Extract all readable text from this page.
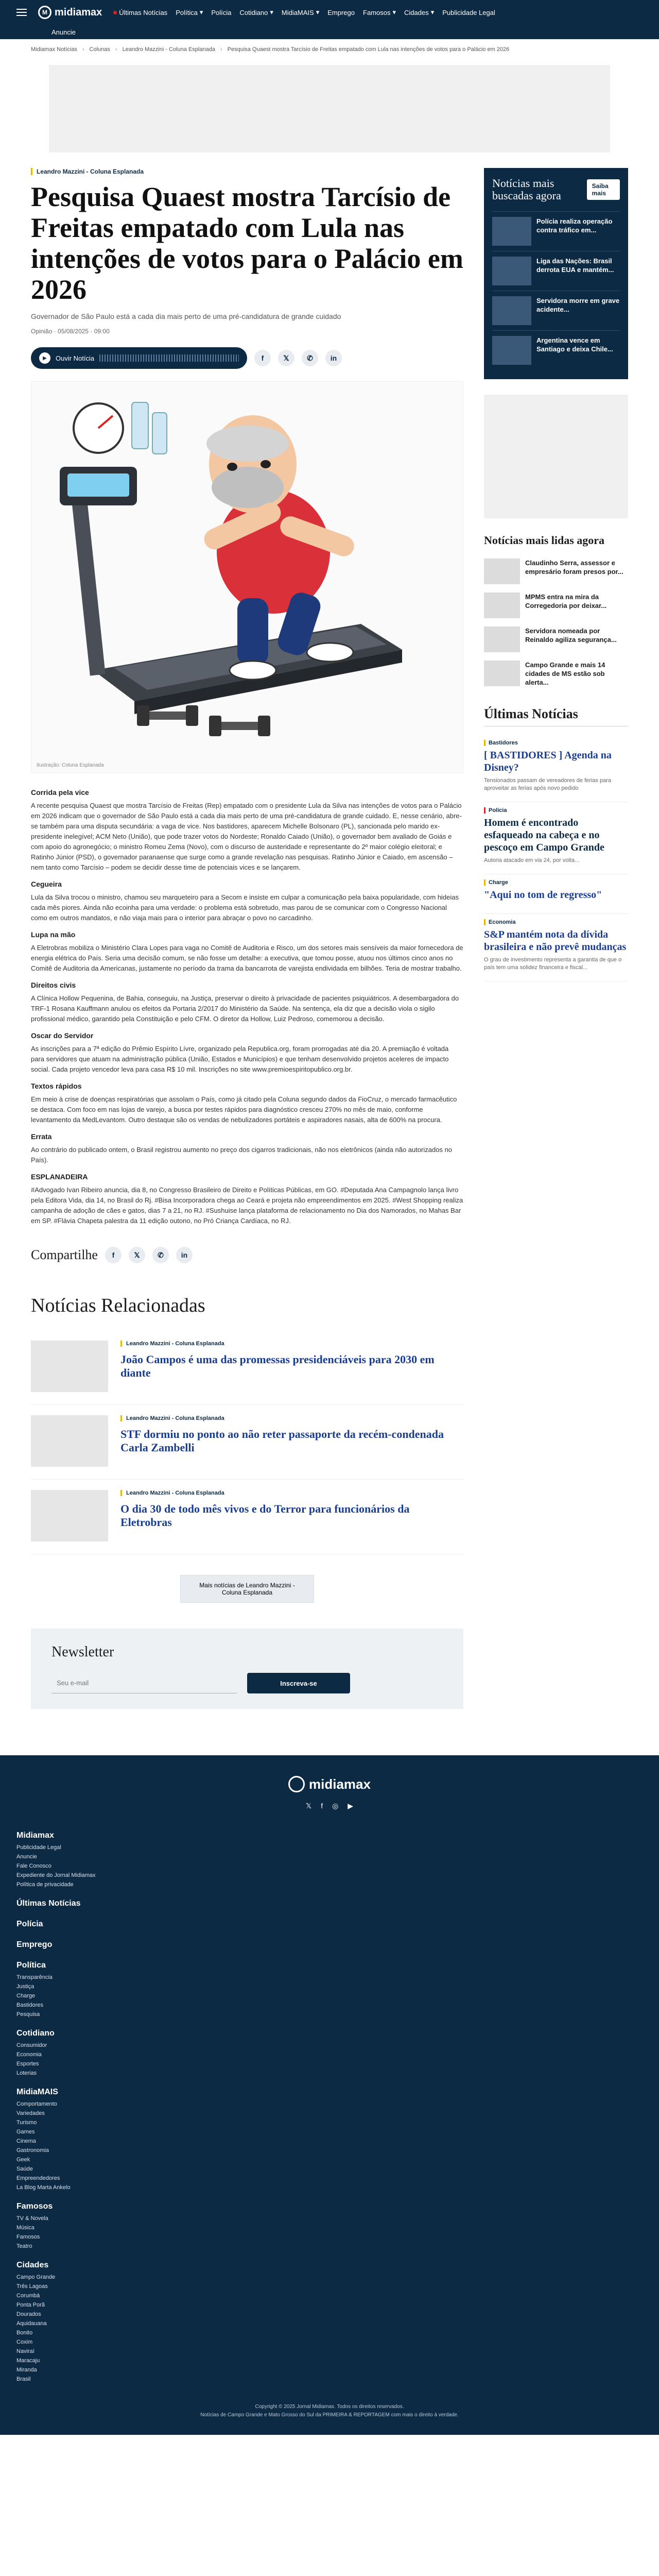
M midiamax	Últimas Notícias Política ▾ Polícia Cotidiano ▾ MidiaMAIS ▾ Emprego Famosos ▾ Cidades ▾ Publicidade Legal
Anuncie
Midiamax Notícias › Colunas › Leandro Mazzini - Coluna Esplanada › Pesquisa Quaest mostra Tarcísio de Freitas empatado com Lula nas intenções de votos para o Palácio em 2026
Leandro Mazzini - Coluna Esplanada
Pesquisa Quaest mostra Tarcísio de Freitas empatado com Lula nas intenções de votos para o Palácio em 2026

Governador de São Paulo está a cada dia mais perto de uma pré-candidatura de grande cuidado

Opinião · 05/08/2025 · 09:00

▶	Ouvir Notícia	f	𝕏	✆	in
Ilustração: Coluna Esplanada
Corrida pela vice

A recente pesquisa Quaest que mostra Tarcísio de Freitas (Rep) empatado com o presidente Lula da Silva nas intenções de votos para o Palácio em 2026 indicam que o governador de São Paulo está a cada dia mais perto de uma pré-candidatura de grande cuidado. E, nesse cenário, abre-se também para uma disputa secundária: a vaga de vice. Nos bastidores, aparecem Michelle Bolsonaro (PL), sancionada pelo marido ex-presidente inelegível; ACM Neto (União), que pode trazer votos do Nordeste; Ronaldo Caiado (União), o governador bem avaliado de Goiás e com apoio do agronegócio; o ministro Romeu Zema (Novo), com o discurso de austeridade e representante do 2º maior colégio eleitoral; e Ratinho Júnior (PSD), o governador paranaense que surge como a grande revelação nas pesquisas. Ratinho Júnior e Caiado, em ascensão – nem tanto como Tarcísio – podem se decidir desse time de potenciais vices e se lançarem.

Cegueira

Lula da Silva trocou o ministro, chamou seu marqueteiro para a Secom e insiste em culpar a comunicação pela baixa popularidade, com hideias cada mês piores. Ainda não ecoinha para uma verdade: o problema está sobretudo, mas parou de se comunicar com o Congresso Nacional como em outros mandatos, e não viaja mais para o interior para abraçar o povo no carcadinho.

Lupa na mão

A Eletrobras mobiliza o Ministério Clara Lopes para vaga no Comitê de Auditoria e Risco, um dos setores mais sensíveis da maior fornecedora de energia elétrica do País. Seria uma decisão comum, se não fosse um detalhe: a executiva, que tomou posse, atuou nos últimos cinco anos no Comitê de Auditoria da Americanas, justamente no período da trama da bancarrota de varejista endividada em bilhões. Teria de mostrar trabalho.

Direitos civis

A Clínica Hollow Pequenina, de Bahia, conseguiu, na Justiça, preservar o direito à privacidade de pacientes psiquiátricos. A desembargadora do TRF-1 Rosana Kauffmann anulou os efeitos da Portaria 2/2017 do Ministério da Saúde. Na sentença, ela diz que a decisão viola o sigilo profissional médico, garantido pela Constituição e pelo CFM. O diretor da Hollow, Luiz Pedroso, comemorou a decisão.

Oscar do Servidor

As inscrições para a 7ª edição do Prêmio Espírito Lívre, organizado pela Republica.org, foram prorrogadas até dia 20. A premiação é voltada para servidores que atuam na administração pública (União, Estados e Municípios) e que tenham desenvolvido projetos aceleres de impacto social. Cada projeto vencedor leva para casa R$ 10 mil. Inscrições no site www.premioespiritopublico.org.br.

Textos rápidos

Em meio à crise de doenças respiratórias que assolam o País, como já citado pela Coluna segundo dados da FioCruz, o mercado farmacêutico se destaca. Com foco em nas lojas de varejo, a busca por testes rápidos para diagnóstico cresceu 270% no mês de maio, conforme levantamento da MedLevantom. Outro destaque são os vendas de nebulizadores portáteis e aspiradores nasais, alta de 600% na procura.

Errata

Ao contrário do publicado ontem, o Brasil registrou aumento no preço dos cigarros tradicionais, não nos eletrônicos (ainda não autorizados no País).

ESPLANADEIRA

#Advogado Ivan Ribeiro anuncia, dia 8, no Congresso Brasileiro de Direito e Políticas Públicas, em GO. #Deputada Ana Campagnolo lança livro pela Editora Vida, dia 14, no Brasil do Rj. #Bisa Incorporadora chega ao Ceará e projeta não empreendimentos em 2025. #West Shopping realiza campanha de adoção de cães e gatos, dias 7 a 21, no RJ. #Sushuise lança plataforma de relacionamento no Dia dos Namorados, no Mahas Bar em SP. #Flávia Chapeta palestra da 11 edição outono, no Pró Criança Cardíaca, no RJ.

Compartilhe	f	𝕏	✆	in
Notícias Relacionadas
Leandro Mazzini - Coluna Esplanada
João Campos é uma das promessas presidenciáveis para 2030 em diante
Leandro Mazzini - Coluna Esplanada
STF dormiu no ponto ao não reter passaporte da recém-condenada Carla Zambelli
Leandro Mazzini - Coluna Esplanada
O dia 30 de todo mês vivos e do Terror para funcionários da Eletrobras
Mais notícias de Leandro Mazzini - Coluna Esplanada
Newsletter
Seu e-mail
Inscreva-se
Notícias mais buscadas agora
Saiba mais

Polícia realiza operação contra tráfico em...

Liga das Nações: Brasil derrota EUA e mantém...

Servidora morre em grave acidente...

Argentina vence em Santiago e deixa Chile...

Notícias mais lidas agora

Claudinho Serra, assessor e empresário foram presos por...

MPMS entra na mira da Corregedoria por deixar...

Servidora nomeada por Reinaldo agiliza segurança...

Campo Grande e mais 14 cidades de MS estão sob alerta...

Últimas Notícias
Bastidores
[ BASTIDORES ] Agenda na Disney?

Tensionados passam de vereadores de ferias para aproveitar as ferias após novo pedido

Polícia
Homem é encontrado esfaqueado na cabeça e no pescoço em Campo Grande

Autoria atacado em via 24, por volta...

Charge
"Aqui no tom de regresso"
Economia
S&P mantém nota da dívida brasileira e não prevê mudanças

O grau de investimento representa a garantia de que o país tem uma solidez financeira e fiscal...

midiamax
𝕏 f ◎ ▶
Midiamax
Publicidade Legal
Anuncie
Fale Conosco
Expediente do Jornal Midiamax
Política de privacidade
Últimas Notícias
Polícia
Emprego
Política
Transparência
Justiça
Charge
Bastidores
Pesquisa
Cotidiano
Consumidor
Economia
Esportes
Loterias
MidiaMAIS
Comportamento
Variedades
Turismo
Games
Cinema
Gastronomia
Geek
Saúde
Empreendedores
La Blog Marta Ankelo
Famosos
TV & Novela
Música
Famosos
Teatro
Cidades
Campo Grande
Três Lagoas
Corumbá
Ponta Porã
Dourados
Aquidauana
Bonito
Coxim
Naviraí
Maracaju
Miranda
Brasil

Copyright © 2025 Jornal Midiamax. Todos os direitos reservados.

Notícias de Campo Grande e Mato Grosso do Sul da PRIMEIRA & REPORTAGEM com mais o direito à verdade.
